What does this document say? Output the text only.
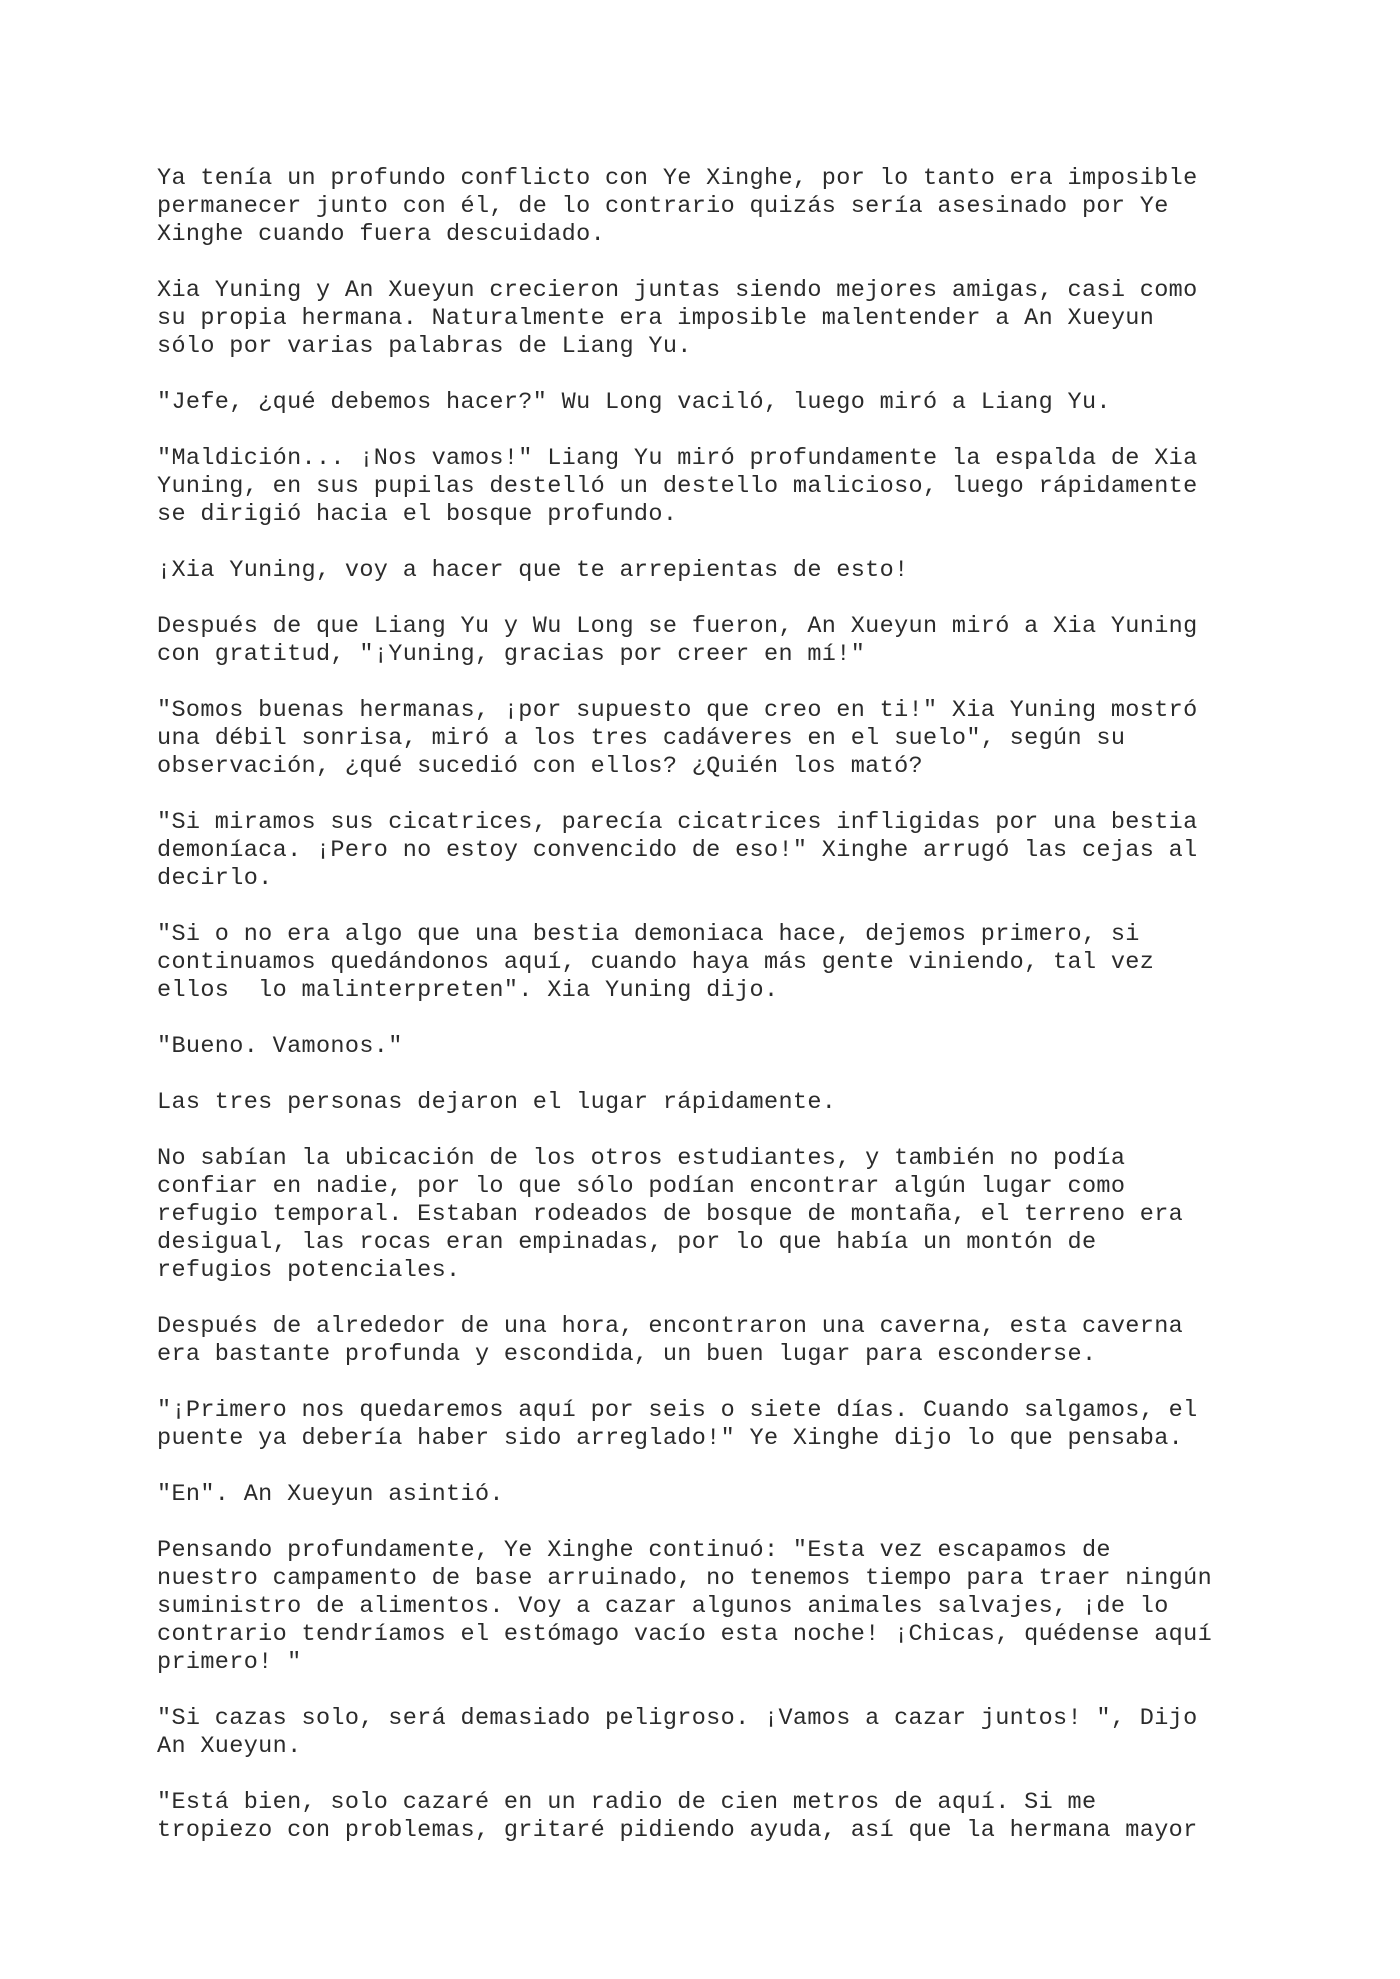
Ya tenía un profundo conflicto con Ye Xinghe, por lo tanto era imposible
permanecer junto con él, de lo contrario quizás sería asesinado por Ye
Xinghe cuando fuera descuidado.

Xia Yuning y An Xueyun crecieron juntas siendo mejores amigas, casi como
su propia hermana. Naturalmente era imposible malentender a An Xueyun
sólo por varias palabras de Liang Yu.

"Jefe, ¿qué debemos hacer?" Wu Long vaciló, luego miró a Liang Yu.

"Maldición... ¡Nos vamos!" Liang Yu miró profundamente la espalda de Xia
Yuning, en sus pupilas destelló un destello malicioso, luego rápidamente
se dirigió hacia el bosque profundo.

¡Xia Yuning, voy a hacer que te arrepientas de esto!

Después de que Liang Yu y Wu Long se fueron, An Xueyun miró a Xia Yuning
con gratitud, "¡Yuning, gracias por creer en mí!"

"Somos buenas hermanas, ¡por supuesto que creo en ti!" Xia Yuning mostró
una débil sonrisa, miró a los tres cadáveres en el suelo", según su
observación, ¿qué sucedió con ellos? ¿Quién los mató?

"Si miramos sus cicatrices, parecía cicatrices infligidas por una bestia
demoníaca. ¡Pero no estoy convencido de eso!" Xinghe arrugó las cejas al
decirlo.

"Si o no era algo que una bestia demoniaca hace, dejemos primero, si
continuamos quedándonos aquí, cuando haya más gente viniendo, tal vez
ellos  lo malinterpreten". Xia Yuning dijo.

"Bueno. Vamonos."

Las tres personas dejaron el lugar rápidamente.

No sabían la ubicación de los otros estudiantes, y también no podía
confiar en nadie, por lo que sólo podían encontrar algún lugar como
refugio temporal. Estaban rodeados de bosque de montaña, el terreno era
desigual, las rocas eran empinadas, por lo que había un montón de
refugios potenciales.

Después de alrededor de una hora, encontraron una caverna, esta caverna
era bastante profunda y escondida, un buen lugar para esconderse.

"¡Primero nos quedaremos aquí por seis o siete días. Cuando salgamos, el
puente ya debería haber sido arreglado!" Ye Xinghe dijo lo que pensaba.

"En". An Xueyun asintió.

Pensando profundamente, Ye Xinghe continuó: "Esta vez escapamos de
nuestro campamento de base arruinado, no tenemos tiempo para traer ningún
suministro de alimentos. Voy a cazar algunos animales salvajes, ¡de lo
contrario tendríamos el estómago vacío esta noche! ¡Chicas, quédense aquí
primero! "

"Si cazas solo, será demasiado peligroso. ¡Vamos a cazar juntos! ", Dijo
An Xueyun.

"Está bien, solo cazaré en un radio de cien metros de aquí. Si me
tropiezo con problemas, gritaré pidiendo ayuda, así que la hermana mayor
